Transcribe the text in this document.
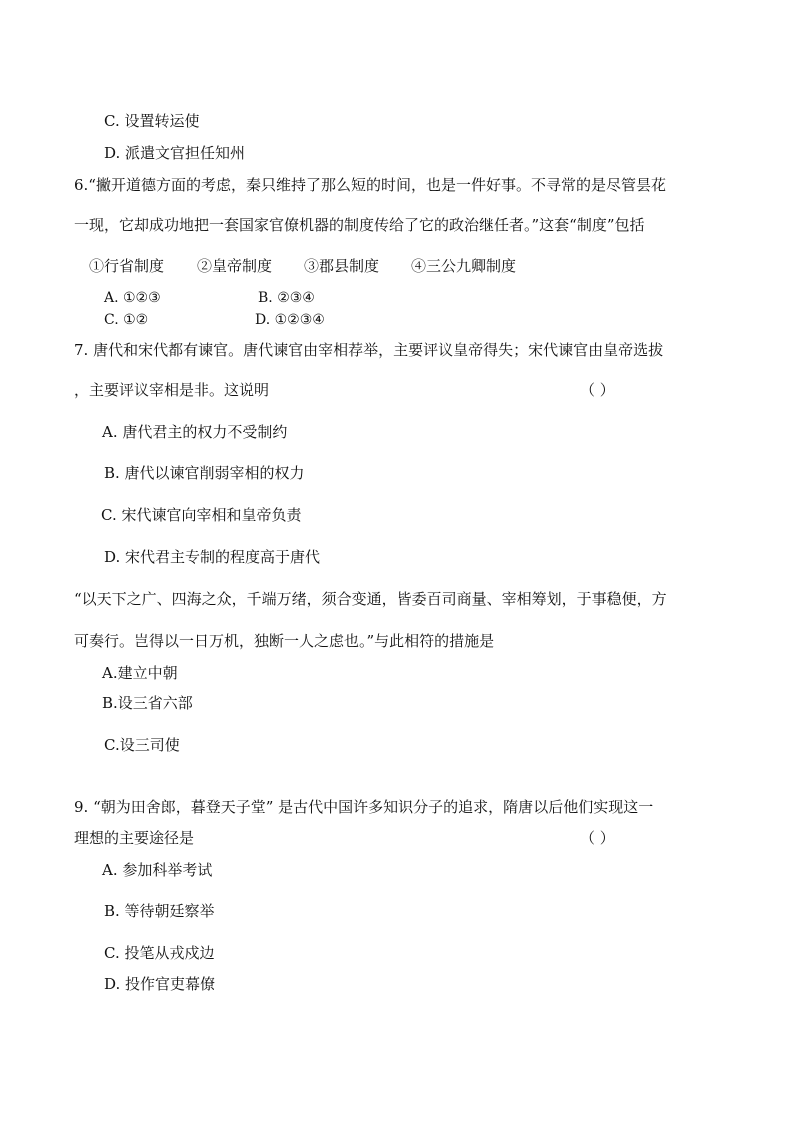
C. 设置转运使
D. 派遣文官担任知州
6.“撇开道德方面的考虑，秦只维持了那么短的时间，也是一件好事。不寻常的是尽管昙花
一现，它却成功地把一套国家官僚机器的制度传给了它的政治继任者。”这套“制度”包括
①行省制度 ②皇帝制度 ③郡县制度 ④三公九卿制度
A. ①②③	B. ②③④
C. ①②	D. ①②③④
7. 唐代和宋代都有谏官。唐代谏官由宰相荐举，主要评议皇帝得失；宋代谏官由皇帝选拔
，主要评议宰相是非。这说明	（ ）
A. 唐代君主的权力不受制约
B. 唐代以谏官削弱宰相的权力
C. 宋代谏官向宰相和皇帝负责
D. 宋代君主专制的程度高于唐代
“以天下之广、四海之众，千端万绪，须合变通，皆委百司商量、宰相筹划，于事稳便，方
可奏行。岂得以一日万机，独断一人之虑也。”与此相符的措施是
A.建立中朝
B.设三省六部
C.设三司使
9. “朝为田舍郎，暮登天子堂” 是古代中国许多知识分子的追求，隋唐以后他们实现这一
理想的主要途径是	（ ）
A. 参加科举考试
B. 等待朝廷察举
C. 投笔从戎戍边
D. 投作官吏幕僚
